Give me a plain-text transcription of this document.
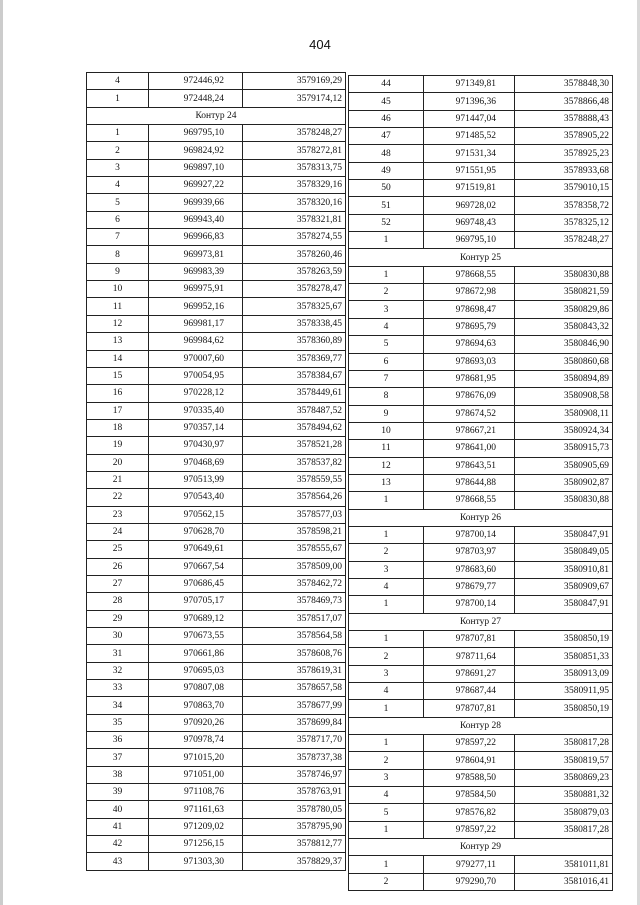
404
4	972446,92	3579169,29
1	972448,24	3579174,12
Контур 24		
1	969795,10	3578248,27
2	969824,92	3578272,81
3	969897,10	3578313,75
4	969927,22	3578329,16
5	969939,66	3578320,16
6	969943,40	3578321,81
7	969966,83	3578274,55
8	969973,81	3578260,46
9	969983,39	3578263,59
10	969975,91	3578278,47
11	969952,16	3578325,67
12	969981,17	3578338,45
13	969984,62	3578360,89
14	970007,60	3578369,77
15	970054,95	3578384,67
16	970228,12	3578449,61
17	970335,40	3578487,52
18	970357,14	3578494,62
19	970430,97	3578521,28
20	970468,69	3578537,82
21	970513,99	3578559,55
22	970543,40	3578564,26
23	970562,15	3578577,03
24	970628,70	3578598,21
25	970649,61	3578555,67
26	970667,54	3578509,00
27	970686,45	3578462,72
28	970705,17	3578469,73
29	970689,12	3578517,07
30	970673,55	3578564,58
31	970661,86	3578608,76
32	970695,03	3578619,31
33	970807,08	3578657,58
34	970863,70	3578677,99
35	970920,26	3578699,84
36	970978,74	3578717,70
37	971015,20	3578737,38
38	971051,00	3578746,97
39	971108,76	3578763,91
40	971161,63	3578780,05
41	971209,02	3578795,90
42	971256,15	3578812,77
43	971303,30	3578829,37
44	971349,81	3578848,30
45	971396,36	3578866,48
46	971447,04	3578888,43
47	971485,52	3578905,22
48	971531,34	3578925,23
49	971551,95	3578933,68
50	971519,81	3579010,15
51	969728,02	3578358,72
52	969748,43	3578325,12
1	969795,10	3578248,27
Контур 25		
1	978668,55	3580830,88
2	978672,98	3580821,59
3	978698,47	3580829,86
4	978695,79	3580843,32
5	978694,63	3580846,90
6	978693,03	3580860,68
7	978681,95	3580894,89
8	978676,09	3580908,58
9	978674,52	3580908,11
10	978667,21	3580924,34
11	978641,00	3580915,73
12	978643,51	3580905,69
13	978644,88	3580902,87
1	978668,55	3580830,88
Контур 26		
1	978700,14	3580847,91
2	978703,97	3580849,05
3	978683,60	3580910,81
4	978679,77	3580909,67
1	978700,14	3580847,91
Контур 27		
1	978707,81	3580850,19
2	978711,64	3580851,33
3	978691,27	3580913,09
4	978687,44	3580911,95
1	978707,81	3580850,19
Контур 28		
1	978597,22	3580817,28
2	978604,91	3580819,57
3	978588,50	3580869,23
4	978584,50	3580881,32
5	978576,82	3580879,03
1	978597,22	3580817,28
Контур 29		
1	979277,11	3581011,81
2	979290,70	3581016,41
